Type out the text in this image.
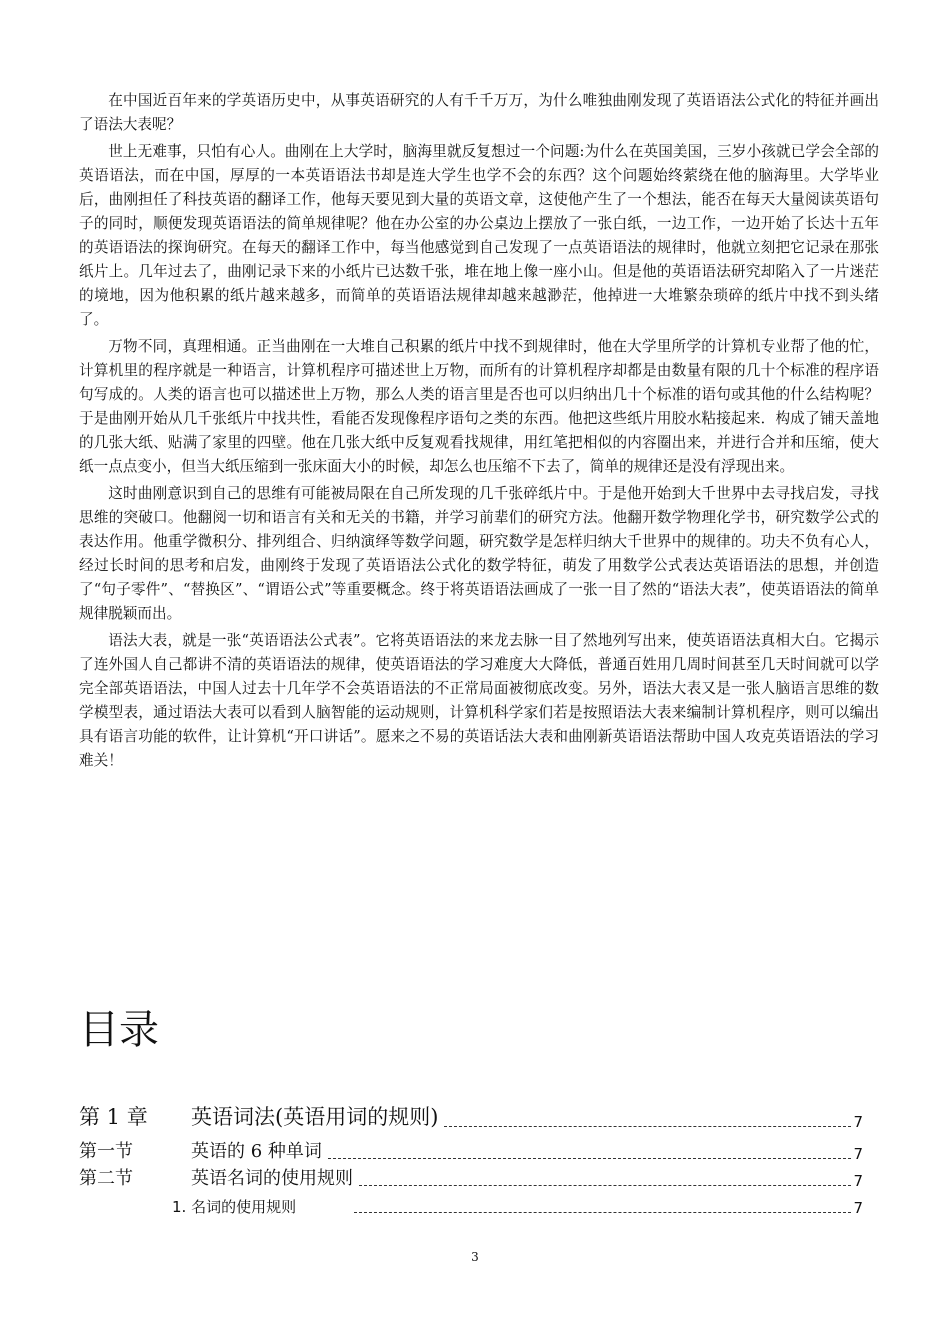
在中国近百年来的学英语历史中，从事英语研究的人有千千万万，为什么唯独曲刚发现了英语语法公式化的特征并画出了语法大表呢？

世上无难事，只怕有心人。曲刚在上大学时，脑海里就反复想过一个问题:为什么在英国美国，三岁小孩就已学会全部的英语语法，而在中国，厚厚的一本英语语法书却是连大学生也学不会的东西？这个问题始终萦绕在他的脑海里。大学毕业后，曲刚担任了科技英语的翻译工作，他每天要见到大量的英语文章，这使他产生了一个想法，能否在每天大量阅读英语句子的同时，顺便发现英语语法的简单规律呢？他在办公室的办公桌边上摆放了一张白纸，一边工作，一边开始了长达十五年的英语语法的探询研究。在每天的翻译工作中，每当他感觉到自己发现了一点英语语法的规律时，他就立刻把它记录在那张纸片上。几年过去了，曲刚记录下来的小纸片已达数千张，堆在地上像一座小山。但是他的英语语法研究却陷入了一片迷茫的境地，因为他积累的纸片越来越多，而简单的英语语法规律却越来越渺茫，他掉进一大堆繁杂琐碎的纸片中找不到头绪了。

万物不同，真理相通。正当曲刚在一大堆自己积累的纸片中找不到规律时，他在大学里所学的计算机专业帮了他的忙，计算机里的程序就是一种语言，计算机程序可描述世上万物，而所有的计算机程序却都是由数量有限的几十个标准的程序语句写成的。人类的语言也可以描述世上万物，那么人类的语言里是否也可以归纳出几十个标准的语句或其他的什么结构呢？于是曲刚开始从几千张纸片中找共性，看能否发现像程序语句之类的东西。他把这些纸片用胶水粘接起来．构成了铺天盖地的几张大纸、贴满了家里的四壁。他在几张大纸中反复观看找规律，用红笔把相似的内容圈出来，并进行合并和压缩，使大纸一点点变小，但当大纸压缩到一张床面大小的时候，却怎么也压缩不下去了，简单的规律还是没有浮现出来。

这时曲刚意识到自己的思维有可能被局限在自己所发现的几千张碎纸片中。于是他开始到大千世界中去寻找启发，寻找思维的突破口。他翻阅一切和语言有关和无关的书籍，并学习前辈们的研究方法。他翻开数学物理化学书，研究数学公式的表达作用。他重学微积分、排列组合、归纳演绎等数学问题，研究数学是怎样归纳大千世界中的规律的。功夫不负有心人，经过长时间的思考和启发，曲刚终于发现了英语语法公式化的数学特征，萌发了用数学公式表达英语语法的思想，并创造了“句子零件”、“替换区”、“谓语公式”等重要概念。终于将英语语法画成了一张一目了然的“语法大表”，使英语语法的简单规律脱颖而出。

语法大表，就是一张“英语语法公式表”。它将英语语法的来龙去脉一目了然地列写出来，使英语语法真相大白。它揭示了连外国人自己都讲不清的英语语法的规律，使英语语法的学习难度大大降低，普通百姓用几周时间甚至几天时间就可以学完全部英语语法，中国人过去十几年学不会英语语法的不正常局面被彻底改变。另外，语法大表又是一张人脑语言思维的数学模型表，通过语法大表可以看到人脑智能的运动规则，计算机科学家们若是按照语法大表来编制计算机程序，则可以编出具有语言功能的软件，让计算机“开口讲话”。愿来之不易的英语话法大表和曲刚新英语语法帮助中国人攻克英语语法的学习难关！

目录
第 1 章	英语词法(英语用词的规则)	7
第一节	英语的 6 种单词	7
第二节	英语名词的使用规则	7
1. 名词的使用规则	7
3
